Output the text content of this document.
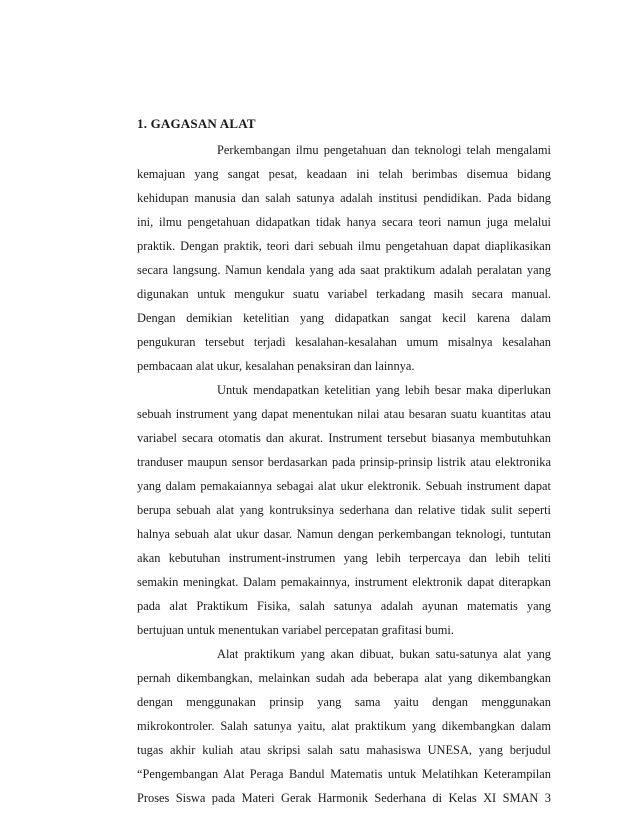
1. GAGASAN ALAT
Perkembangan ilmu pengetahuan dan teknologi telah mengalami
kemajuan yang sangat pesat, keadaan ini telah berimbas disemua bidang
kehidupan manusia dan salah satunya adalah institusi pendidikan. Pada bidang
ini, ilmu pengetahuan didapatkan tidak hanya secara teori namun juga melalui
praktik. Dengan praktik, teori dari sebuah ilmu pengetahuan dapat diaplikasikan
secara langsung. Namun kendala yang ada saat praktikum adalah peralatan yang
digunakan untuk mengukur suatu variabel terkadang masih secara manual.
Dengan demikian ketelitian yang didapatkan sangat kecil karena dalam
pengukuran tersebut terjadi kesalahan-kesalahan umum misalnya kesalahan
pembacaan alat ukur, kesalahan penaksiran dan lainnya.
Untuk mendapatkan ketelitian yang lebih besar maka diperlukan
sebuah instrument yang dapat menentukan nilai atau besaran suatu kuantitas atau
variabel secara otomatis dan akurat. Instrument tersebut biasanya membutuhkan
tranduser maupun sensor berdasarkan pada prinsip-prinsip listrik atau elektronika
yang dalam pemakaiannya sebagai alat ukur elektronik. Sebuah instrument dapat
berupa sebuah alat yang kontruksinya sederhana dan relative tidak sulit seperti
halnya sebuah alat ukur dasar. Namun dengan perkembangan teknologi, tuntutan
akan kebutuhan instrument-instrumen yang lebih terpercaya dan lebih teliti
semakin meningkat. Dalam pemakainnya, instrument elektronik dapat diterapkan
pada alat Praktikum Fisika, salah satunya adalah ayunan matematis yang
bertujuan untuk menentukan variabel percepatan grafitasi bumi.
Alat praktikum yang akan dibuat, bukan satu-satunya alat yang
pernah dikembangkan, melainkan sudah ada beberapa alat yang dikembangkan
dengan menggunakan prinsip yang sama yaitu dengan menggunakan
mikrokontroler. Salah satunya yaitu, alat praktikum yang dikembangkan dalam
tugas akhir kuliah atau skripsi salah satu mahasiswa UNESA, yang berjudul
“Pengembangan Alat Peraga Bandul Matematis untuk Melatihkan Keterampilan
Proses Siswa pada Materi Gerak Harmonik Sederhana di Kelas XI SMAN 3
